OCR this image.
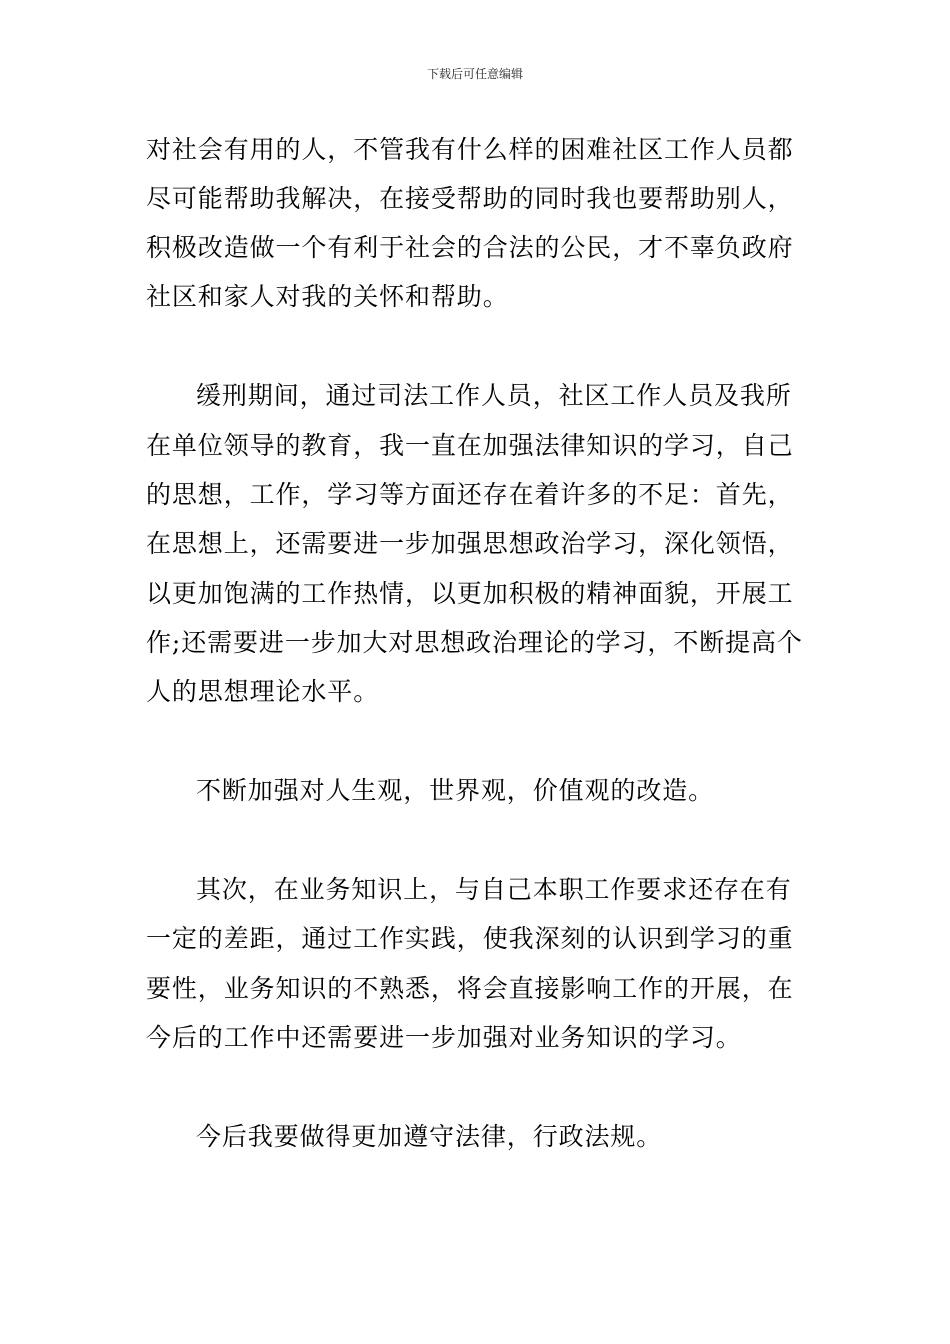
下载后可任意编辑
对社会有用的人，不管我有什么样的困难社区工作人员都
尽可能帮助我解决，在接受帮助的同时我也要帮助别人，
积极改造做一个有利于社会的合法的公民，才不辜负政府
社区和家人对我的关怀和帮助。
缓刑期间，通过司法工作人员，社区工作人员及我所
在单位领导的教育，我一直在加强法律知识的学习，自己
的思想，工作，学习等方面还存在着许多的不足：首先，
在思想上，还需要进一步加强思想政治学习，深化领悟，
以更加饱满的工作热情，以更加积极的精神面貌，开展工
作;还需要进一步加大对思想政治理论的学习，不断提高个
人的思想理论水平。
不断加强对人生观，世界观，价值观的改造。
其次，在业务知识上，与自己本职工作要求还存在有
一定的差距，通过工作实践，使我深刻的认识到学习的重
要性，业务知识的不熟悉，将会直接影响工作的开展，在
今后的工作中还需要进一步加强对业务知识的学习。
今后我要做得更加遵守法律，行政法规。
